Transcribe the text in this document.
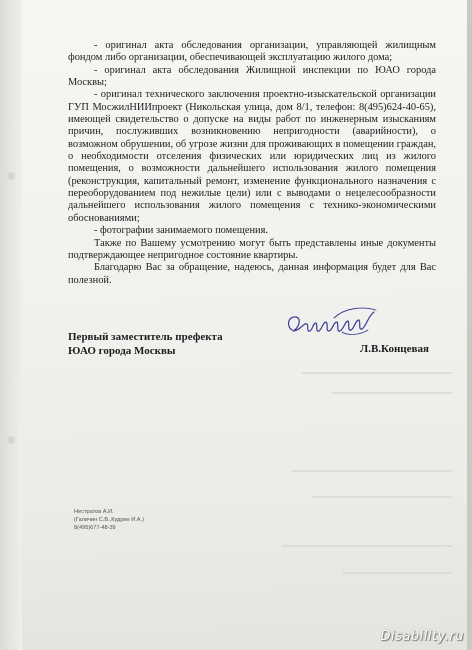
- оригинал акта обследования организации, управляющей жилищным фондом либо организации, обеспечивающей эксплуатацию жилого дома;

- оригинал акта обследования Жилищной инспекции по ЮАО города Москвы;

- оригинал технического заключения проектно-изыскательской организации ГУП МосжилНИИпроект (Никольская улица, дом 8/1, телефон: 8(495)624-40-65), имеющей свидетельство о допуске на виды работ по инженерным изысканиям причин, послуживших возникновению непригодности (аварийности), о возможном обрушении, об угрозе жизни для проживающих в помещении граждан, о необходимости отселения физических или юридических лиц из жилого помещения, о возможности дальнейшего использования жилого помещения (реконструкция, капитальный ремонт, изменение функционального назначения с переоборудованием под нежилые цели) или с выводами о нецелесообразности дальнейшего использования жилого помещения с технико-экономическими обоснованиями;

- фотографии занимаемого помещения.

Также по Вашему усмотрению могут быть представлены иные документы подтверждающее непригодное состояние квартиры.

Благодарю Вас за обращение, надеюсь, данная информация будет для Вас полезной.

Первый заместитель префекта
ЮАО города Москвы	Л.В.Концевая
Нестратов А.И.
(Галичин С.В.,Кудрин И.А.)
8(495)677-48-39
Disability.ru
